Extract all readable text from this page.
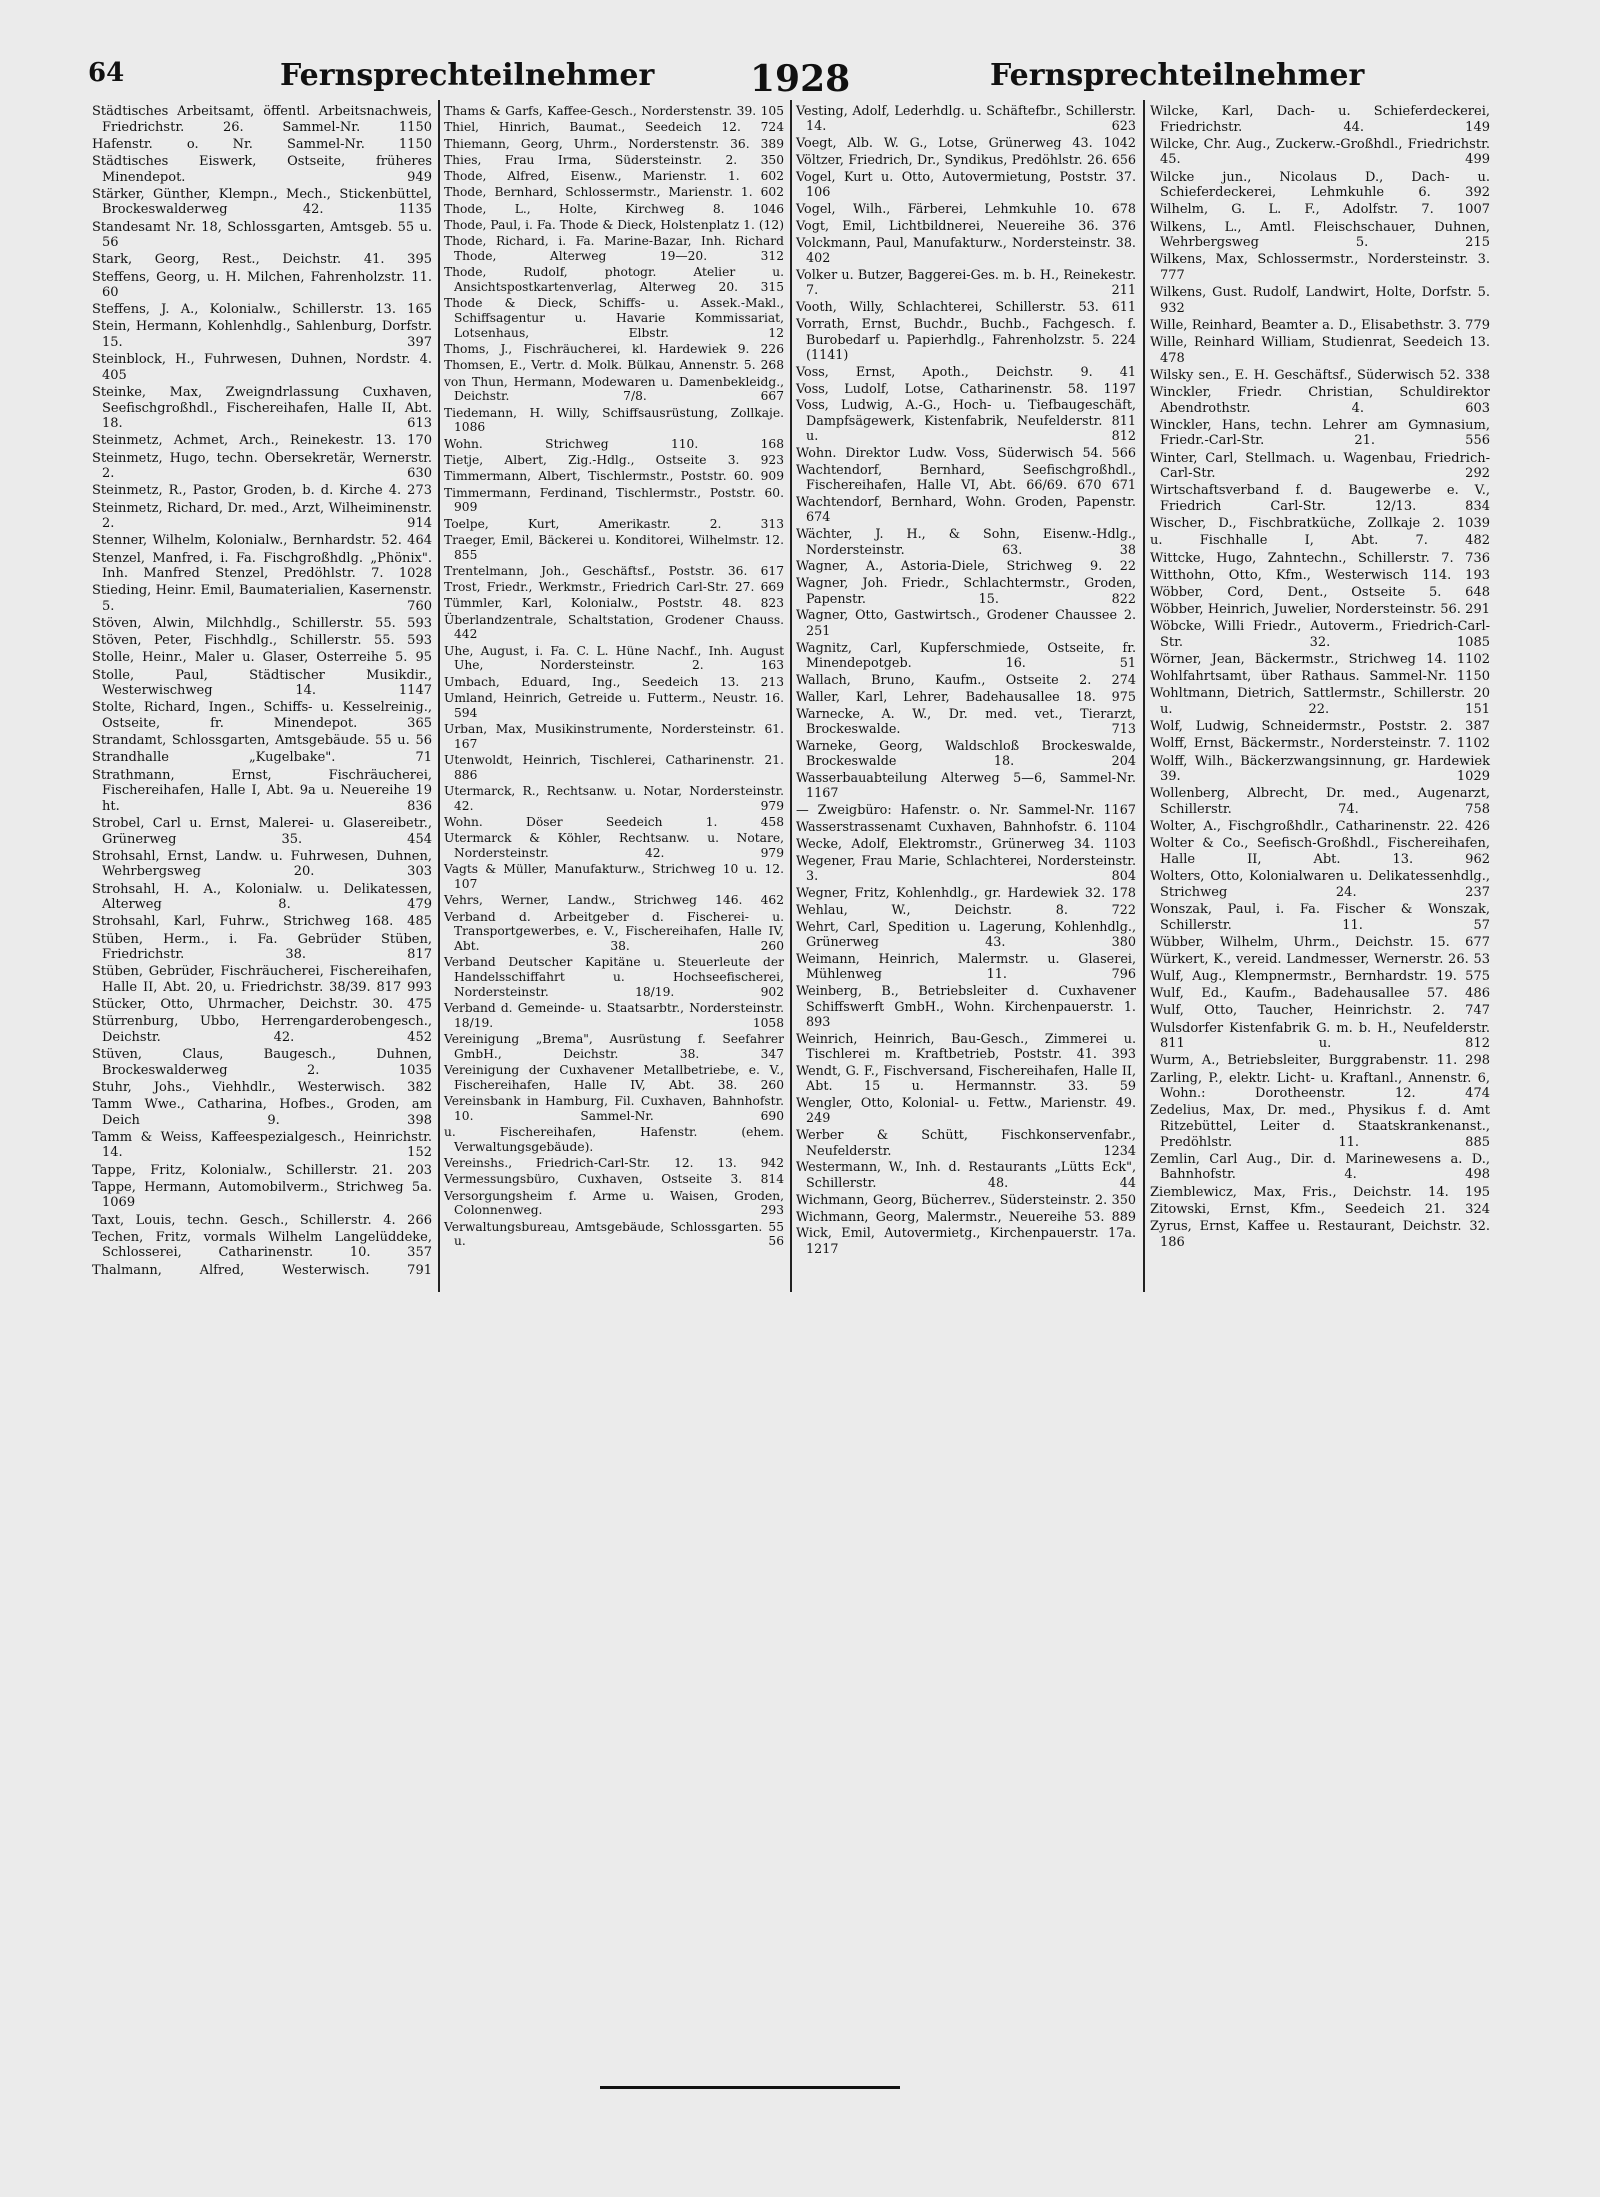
64	Fernsprechteilnehmer	1928	Fernsprechteilnehmer
Städtisches Arbeitsamt, öffentl. Arbeitsnachweis, Friedrichstr. 26. Sammel-Nr. 1150
Hafenstr. o. Nr. Sammel-Nr. 1150
Städtisches Eiswerk, Ostseite, früheres Minendepot. 949
Stärker, Günther, Klempn., Mech., Stickenbüttel, Brockeswalderweg 42. 1135
Standesamt Nr. 18, Schlossgarten, Amtsgeb. 55 u. 56
Stark, Georg, Rest., Deichstr. 41. 395
Steffens, Georg, u. H. Milchen, Fahrenholzstr. 11. 60
Steffens, J. A., Kolonialw., Schillerstr. 13. 165
Stein, Hermann, Kohlenhdlg., Sahlenburg, Dorfstr. 15. 397
Steinblock, H., Fuhrwesen, Duhnen, Nordstr. 4. 405
Steinke, Max, Zweigndrlassung Cuxhaven, Seefischgroßhdl., Fischereihafen, Halle II, Abt. 18. 613
Steinmetz, Achmet, Arch., Reinekestr. 13. 170
Steinmetz, Hugo, techn. Obersekretär, Wernerstr. 2. 630
Steinmetz, R., Pastor, Groden, b. d. Kirche 4. 273
Steinmetz, Richard, Dr. med., Arzt, Wilheiminenstr. 2. 914
Stenner, Wilhelm, Kolonialw., Bernhardstr. 52. 464
Stenzel, Manfred, i. Fa. Fischgroßhdlg. „Phönix". Inh. Manfred Stenzel, Predöhlstr. 7. 1028
Stieding, Heinr. Emil, Baumaterialien, Kasernenstr. 5. 760
Stöven, Alwin, Milchhdlg., Schillerstr. 55. 593
Stöven, Peter, Fischhdlg., Schillerstr. 55. 593
Stolle, Heinr., Maler u. Glaser, Osterreihe 5. 95
Stolle, Paul, Städtischer Musikdir., Westerwischweg 14. 1147
Stolte, Richard, Ingen., Schiffs- u. Kesselreinig., Ostseite, fr. Minendepot. 365
Strandamt, Schlossgarten, Amtsgebäude. 55 u. 56
Strandhalle „Kugelbake". 71
Strathmann, Ernst, Fischräucherei, Fischereihafen, Halle I, Abt. 9a u. Neuereihe 19 ht. 836
Strobel, Carl u. Ernst, Malerei- u. Glasereibetr., Grünerweg 35. 454
Strohsahl, Ernst, Landw. u. Fuhrwesen, Duhnen, Wehrbergsweg 20. 303
Strohsahl, H. A., Kolonialw. u. Delikatessen, Alterweg 8. 479
Strohsahl, Karl, Fuhrw., Strichweg 168. 485
Stüben, Herm., i. Fa. Gebrüder Stüben, Friedrichstr. 38. 817
Stüben, Gebrüder, Fischräucherei, Fischereihafen, Halle II, Abt. 20, u. Friedrichstr. 38/39. 817 993
Stücker, Otto, Uhrmacher, Deichstr. 30. 475
Stürrenburg, Ubbo, Herrengarderobengesch., Deichstr. 42. 452
Stüven, Claus, Baugesch., Duhnen, Brockeswalderweg 2. 1035
Stuhr, Johs., Viehhdlr., Westerwisch. 382
Tamm Wwe., Catharina, Hofbes., Groden, am Deich 9. 398
Tamm & Weiss, Kaffeespezialgesch., Heinrichstr. 14. 152
Tappe, Fritz, Kolonialw., Schillerstr. 21. 203
Tappe, Hermann, Automobilverm., Strichweg 5a. 1069
Taxt, Louis, techn. Gesch., Schillerstr. 4. 266
Techen, Fritz, vormals Wilhelm Langelüddeke, Schlosserei, Catharinenstr. 10. 357
Thalmann, Alfred, Westerwisch. 791
Thams & Garfs, Kaffee-Gesch., Norderstenstr. 39. 105
Thiel, Hinrich, Baumat., Seedeich 12. 724
Thiemann, Georg, Uhrm., Norderstenstr. 36. 389
Thies, Frau Irma, Südersteinstr. 2. 350
Thode, Alfred, Eisenw., Marienstr. 1. 602
Thode, Bernhard, Schlossermstr., Marienstr. 1. 602
Thode, L., Holte, Kirchweg 8. 1046
Thode, Paul, i. Fa. Thode & Dieck, Holstenplatz 1. (12)
Thode, Richard, i. Fa. Marine-Bazar, Inh. Richard Thode, Alterweg 19—20. 312
Thode, Rudolf, photogr. Atelier u. Ansichtspostkartenverlag, Alterweg 20. 315
Thode & Dieck, Schiffs- u. Assek.-Makl., Schiffsagentur u. Havarie Kommissariat, Lotsenhaus, Elbstr. 12
Thoms, J., Fischräucherei, kl. Hardewiek 9. 226
Thomsen, E., Vertr. d. Molk. Bülkau, Annenstr. 5. 268
von Thun, Hermann, Modewaren u. Damenbekleidg., Deichstr. 7/8. 667
Tiedemann, H. Willy, Schiffsausrüstung, Zollkaje. 1086
Wohn. Strichweg 110. 168
Tietje, Albert, Zig.-Hdlg., Ostseite 3. 923
Timmermann, Albert, Tischlermstr., Poststr. 60. 909
Timmermann, Ferdinand, Tischlermstr., Poststr. 60. 909
Toelpe, Kurt, Amerikastr. 2. 313
Traeger, Emil, Bäckerei u. Konditorei, Wilhelmstr. 12. 855
Trentelmann, Joh., Geschäftsf., Poststr. 36. 617
Trost, Friedr., Werkmstr., Friedrich Carl-Str. 27. 669
Tümmler, Karl, Kolonialw., Poststr. 48. 823
Überlandzentrale, Schaltstation, Grodener Chauss. 442
Uhe, August, i. Fa. C. L. Hüne Nachf., Inh. August Uhe, Nordersteinstr. 2. 163
Umbach, Eduard, Ing., Seedeich 13. 213
Umland, Heinrich, Getreide u. Futterm., Neustr. 16. 594
Urban, Max, Musikinstrumente, Nordersteinstr. 61. 167
Utenwoldt, Heinrich, Tischlerei, Catharinenstr. 21. 886
Utermarck, R., Rechtsanw. u. Notar, Nordersteinstr. 42. 979
Wohn. Döser Seedeich 1. 458
Utermarck & Köhler, Rechtsanw. u. Notare, Nordersteinstr. 42. 979
Vagts & Müller, Manufakturw., Strichweg 10 u. 12. 107
Vehrs, Werner, Landw., Strichweg 146. 462
Verband d. Arbeitgeber d. Fischerei- u. Transportgewerbes, e. V., Fischereihafen, Halle IV, Abt. 38. 260
Verband Deutscher Kapitäne u. Steuerleute der Handelsschiffahrt u. Hochseefischerei, Nordersteinstr. 18/19. 902
Verband d. Gemeinde- u. Staatsarbtr., Nordersteinstr. 18/19. 1058
Vereinigung „Brema", Ausrüstung f. Seefahrer GmbH., Deichstr. 38. 347
Vereinigung der Cuxhavener Metallbetriebe, e. V., Fischereihafen, Halle IV, Abt. 38. 260
Vereinsbank in Hamburg, Fil. Cuxhaven, Bahnhofstr. 10. Sammel-Nr. 690
u. Fischereihafen, Hafenstr. (ehem. Verwaltungsgebäude).
Vereinshs., Friedrich-Carl-Str. 12. 13. 942
Vermessungsbüro, Cuxhaven, Ostseite 3. 814
Versorgungsheim f. Arme u. Waisen, Groden, Colonnenweg. 293
Verwaltungsbureau, Amtsgebäude, Schlossgarten. 55 u. 56
Vesting, Adolf, Lederhdlg. u. Schäftefbr., Schillerstr. 14. 623
Voegt, Alb. W. G., Lotse, Grünerweg 43. 1042
Völtzer, Friedrich, Dr., Syndikus, Predöhlstr. 26. 656
Vogel, Kurt u. Otto, Autovermietung, Poststr. 37. 106
Vogel, Wilh., Färberei, Lehmkuhle 10. 678
Vogt, Emil, Lichtbildnerei, Neuereihe 36. 376
Volckmann, Paul, Manufakturw., Nordersteinstr. 38. 402
Volker u. Butzer, Baggerei-Ges. m. b. H., Reinekestr. 7. 211
Vooth, Willy, Schlachterei, Schillerstr. 53. 611
Vorrath, Ernst, Buchdr., Buchb., Fachgesch. f. Burobedarf u. Papierhdlg., Fahrenholzstr. 5. 224 (1141)
Voss, Ernst, Apoth., Deichstr. 9. 41
Voss, Ludolf, Lotse, Catharinenstr. 58. 1197
Voss, Ludwig, A.-G., Hoch- u. Tiefbaugeschäft, Dampfsägewerk, Kistenfabrik, Neufelderstr. 811 u. 812
Wohn. Direktor Ludw. Voss, Süderwisch 54. 566
Wachtendorf, Bernhard, Seefischgroßhdl., Fischereihafen, Halle VI, Abt. 66/69. 670 671
Wachtendorf, Bernhard, Wohn. Groden, Papenstr. 674
Wächter, J. H., & Sohn, Eisenw.-Hdlg., Nordersteinstr. 63. 38
Wagner, A., Astoria-Diele, Strichweg 9. 22
Wagner, Joh. Friedr., Schlachtermstr., Groden, Papenstr. 15. 822
Wagner, Otto, Gastwirtsch., Grodener Chaussee 2. 251
Wagnitz, Carl, Kupferschmiede, Ostseite, fr. Minendepotgeb. 16. 51
Wallach, Bruno, Kaufm., Ostseite 2. 274
Waller, Karl, Lehrer, Badehausallee 18. 975
Warnecke, A. W., Dr. med. vet., Tierarzt, Brockeswalde. 713
Warneke, Georg, Waldschloß Brockeswalde, Brockeswalde 18. 204
Wasserbauabteilung Alterweg 5—6, Sammel-Nr. 1167
— Zweigbüro: Hafenstr. o. Nr. Sammel-Nr. 1167
Wasserstrassenamt Cuxhaven, Bahnhofstr. 6. 1104
Wecke, Adolf, Elektromstr., Grünerweg 34. 1103
Wegener, Frau Marie, Schlachterei, Nordersteinstr. 3. 804
Wegner, Fritz, Kohlenhdlg., gr. Hardewiek 32. 178
Wehlau, W., Deichstr. 8. 722
Wehrt, Carl, Spedition u. Lagerung, Kohlenhdlg., Grünerweg 43. 380
Weimann, Heinrich, Malermstr. u. Glaserei, Mühlenweg 11. 796
Weinberg, B., Betriebsleiter d. Cuxhavener Schiffswerft GmbH., Wohn. Kirchenpauerstr. 1. 893
Weinrich, Heinrich, Bau-Gesch., Zimmerei u. Tischlerei m. Kraftbetrieb, Poststr. 41. 393
Wendt, G. F., Fischversand, Fischereihafen, Halle II, Abt. 15 u. Hermannstr. 33. 59
Wengler, Otto, Kolonial- u. Fettw., Marienstr. 49. 249
Werber & Schütt, Fischkonservenfabr., Neufelderstr. 1234
Westermann, W., Inh. d. Restaurants „Lütts Eck", Schillerstr. 48. 44
Wichmann, Georg, Bücherrev., Südersteinstr. 2. 350
Wichmann, Georg, Malermstr., Neuereihe 53. 889
Wick, Emil, Autovermietg., Kirchenpauerstr. 17a. 1217
Wilcke, Karl, Dach- u. Schieferdeckerei, Friedrichstr. 44. 149
Wilcke, Chr. Aug., Zuckerw.-Großhdl., Friedrichstr. 45. 499
Wilcke jun., Nicolaus D., Dach- u. Schieferdeckerei, Lehmkuhle 6. 392
Wilhelm, G. L. F., Adolfstr. 7. 1007
Wilkens, L., Amtl. Fleischschauer, Duhnen, Wehrbergsweg 5. 215
Wilkens, Max, Schlossermstr., Nordersteinstr. 3. 777
Wilkens, Gust. Rudolf, Landwirt, Holte, Dorfstr. 5. 932
Wille, Reinhard, Beamter a. D., Elisabethstr. 3. 779
Wille, Reinhard William, Studienrat, Seedeich 13. 478
Wilsky sen., E. H. Geschäftsf., Süderwisch 52. 338
Winckler, Friedr. Christian, Schuldirektor Abendrothstr. 4. 603
Winckler, Hans, techn. Lehrer am Gymnasium, Friedr.-Carl-Str. 21. 556
Winter, Carl, Stellmach. u. Wagenbau, Friedrich-Carl-Str. 292
Wirtschaftsverband f. d. Baugewerbe e. V., Friedrich Carl-Str. 12/13. 834
Wischer, D., Fischbratküche, Zollkaje 2. 1039
u. Fischhalle I, Abt. 7. 482
Wittcke, Hugo, Zahntechn., Schillerstr. 7. 736
Witthohn, Otto, Kfm., Westerwisch 114. 193
Wöbber, Cord, Dent., Ostseite 5. 648
Wöbber, Heinrich, Juwelier, Nordersteinstr. 56. 291
Wöbcke, Willi Friedr., Autoverm., Friedrich-Carl-Str. 32. 1085
Wörner, Jean, Bäckermstr., Strichweg 14. 1102
Wohlfahrtsamt, über Rathaus. Sammel-Nr. 1150
Wohltmann, Dietrich, Sattlermstr., Schillerstr. 20 u. 22. 151
Wolf, Ludwig, Schneidermstr., Poststr. 2. 387
Wolff, Ernst, Bäckermstr., Nordersteinstr. 7. 1102
Wolff, Wilh., Bäckerzwangsinnung, gr. Hardewiek 39. 1029
Wollenberg, Albrecht, Dr. med., Augenarzt, Schillerstr. 74. 758
Wolter, A., Fischgroßhdlr., Catharinenstr. 22. 426
Wolter & Co., Seefisch-Großhdl., Fischereihafen, Halle II, Abt. 13. 962
Wolters, Otto, Kolonialwaren u. Delikatessenhdlg., Strichweg 24. 237
Wonszak, Paul, i. Fa. Fischer & Wonszak, Schillerstr. 11. 57
Wübber, Wilhelm, Uhrm., Deichstr. 15. 677
Würkert, K., vereid. Landmesser, Wernerstr. 26. 53
Wulf, Aug., Klempnermstr., Bernhardstr. 19. 575
Wulf, Ed., Kaufm., Badehausallee 57. 486
Wulf, Otto, Taucher, Heinrichstr. 2. 747
Wulsdorfer Kistenfabrik G. m. b. H., Neufelderstr. 811 u. 812
Wurm, A., Betriebsleiter, Burggrabenstr. 11. 298
Zarling, P., elektr. Licht- u. Kraftanl., Annenstr. 6, Wohn.: Dorotheenstr. 12. 474
Zedelius, Max, Dr. med., Physikus f. d. Amt Ritzebüttel, Leiter d. Staatskrankenanst., Predöhlstr. 11. 885
Zemlin, Carl Aug., Dir. d. Marinewesens a. D., Bahnhofstr. 4. 498
Ziemblewicz, Max, Fris., Deichstr. 14. 195
Zitowski, Ernst, Kfm., Seedeich 21. 324
Zyrus, Ernst, Kaffee u. Restaurant, Deichstr. 32. 186
